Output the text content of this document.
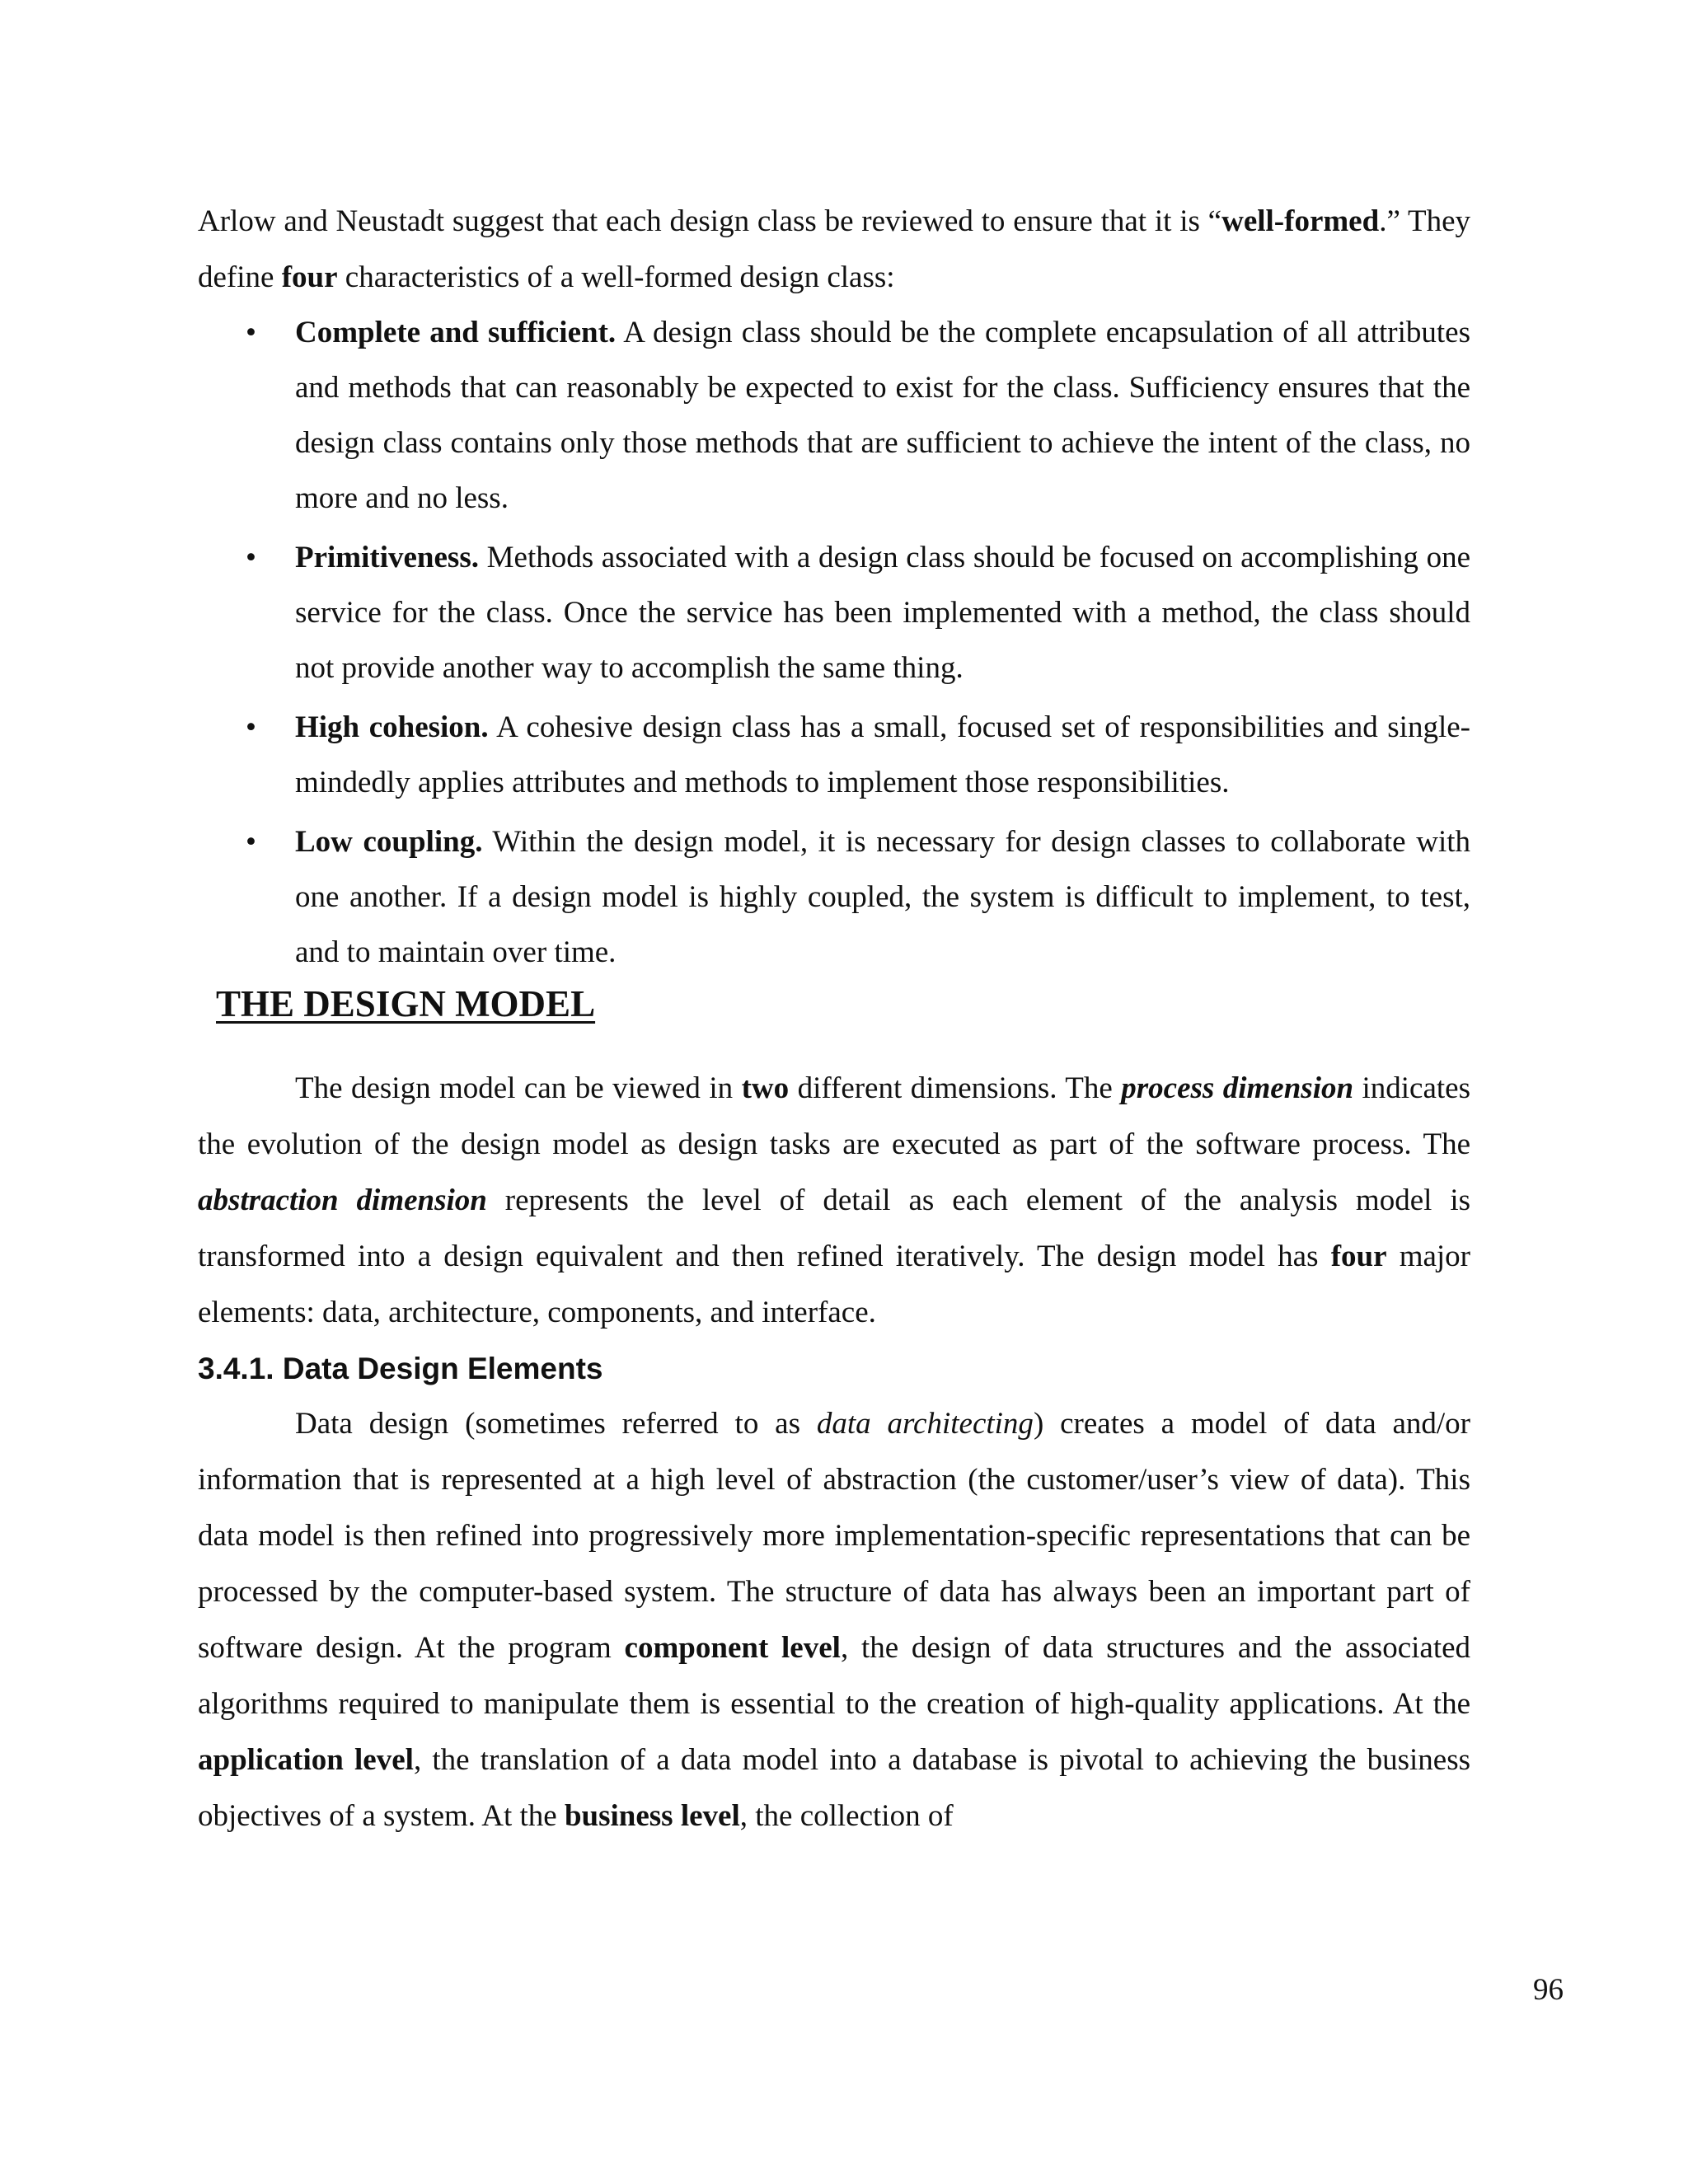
Arlow and Neustadt suggest that each design class be reviewed to ensure that it is “well-formed.” They define four characteristics of a well-formed design class:

• Complete and sufficient. A design class should be the complete encapsulation of all attributes and methods that can reasonably be expected to exist for the class. Sufficiency ensures that the design class contains only those methods that are sufficient to achieve the intent of the class, no more and no less.
• Primitiveness. Methods associated with a design class should be focused on accomplishing one service for the class. Once the service has been implemented with a method, the class should not provide another way to accomplish the same thing.
• High cohesion. A cohesive design class has a small, focused set of responsibilities and single-mindedly applies attributes and methods to implement those responsibilities.
• Low coupling. Within the design model, it is necessary for design classes to collaborate with one another. If a design model is highly coupled, the system is difficult to implement, to test, and to maintain over time.
THE DESIGN MODEL

The design model can be viewed in two different dimensions. The process dimension indicates the evolution of the design model as design tasks are executed as part of the software process. The abstraction dimension represents the level of detail as each element of the analysis model is transformed into a design equivalent and then refined iteratively. The design model has four major elements: data, architecture, components, and interface.

3.4.1. Data Design Elements

Data design (sometimes referred to as data architecting) creates a model of data and/or information that is represented at a high level of abstraction (the customer/user’s view of data). This data model is then refined into progressively more implementation-specific representations that can be processed by the computer-based system. The structure of data has always been an important part of software design. At the program component level, the design of data structures and the associated algorithms required to manipulate them is essential to the creation of high-quality applications. At the application level, the translation of a data model into a database is pivotal to achieving the business objectives of a system. At the business level, the collection of

96
